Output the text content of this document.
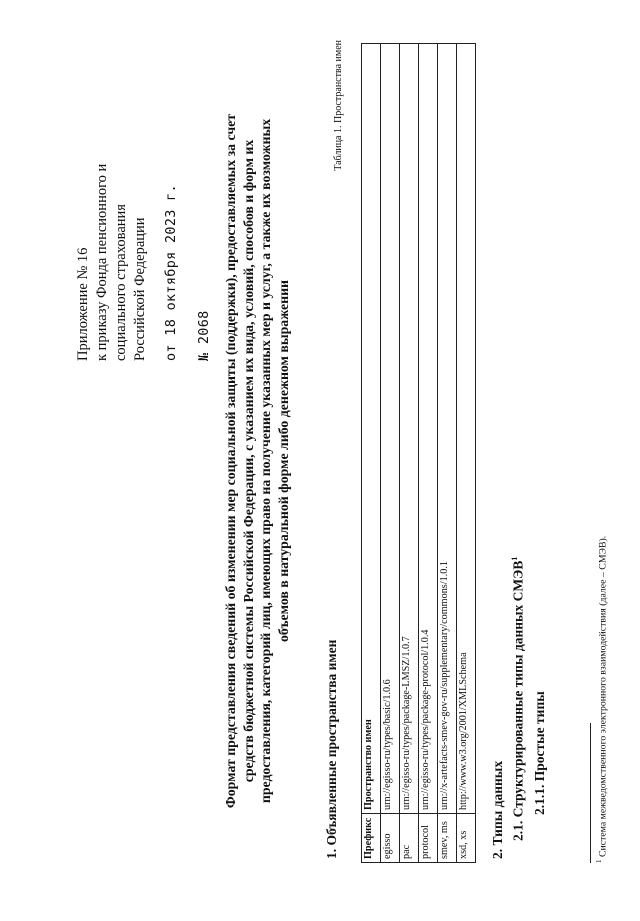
Приложение № 16 к приказу Фонда пенсионного и социального страхования Российской Федерации от 18 октября 2023 г. № 2068 Формат представления сведений об изменении мер социальной защиты (поддержки), предоставляемых за счет средств бюджетной системы Российской Федерации, с указанием их вида, условий, способов и форм их предоставления, категорий лиц, имеющих право на получение указанных мер и услуг, а также их возможных объемов в натуральной форме либо денежном выражении
1. Объявленные пространства имен
Таблица 1. Пространства имен
Префикс	Пространство имен
egisso	urn://egisso-ru/types/basic/1.0.6
pac	urn://egisso-ru/types/package-LMSZ/1.0.7
protocol	urn://egisso-ru/types/package-protocol/1.0.4
smev, ms	urn://x-artefacts-smev-gov-ru/supplementary/commons/1.0.1
xsd, xs	http://www.w3.org/2001/XMLSchema 2. Типы данных 2.1. Структурированные типы данных СМЭВ$^1$
2.1.1. Простые типы
$^1$ Система межведомственного электронного взаимодействия (далее – СМЭВ).
